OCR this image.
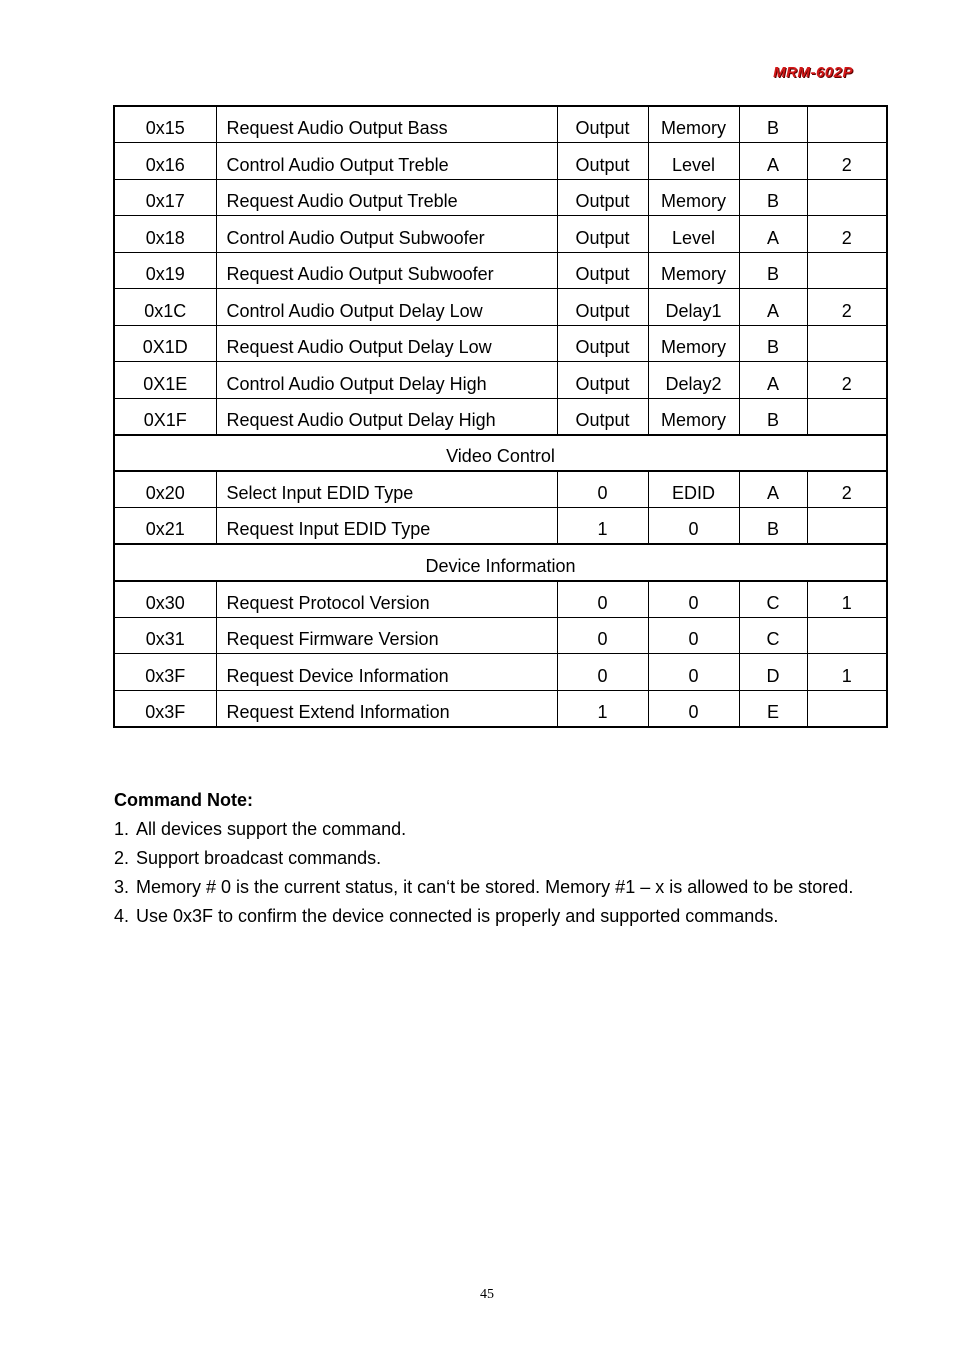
MRM-602P
0x15	Request Audio Output Bass	Output	Memory	B	
0x16	Control Audio Output Treble	Output	Level	A	2
0x17	Request Audio Output Treble	Output	Memory	B	
0x18	Control Audio Output Subwoofer	Output	Level	A	2
0x19	Request Audio Output Subwoofer	Output	Memory	B	
0x1C	Control Audio Output Delay Low	Output	Delay1	A	2
0X1D	Request Audio Output Delay Low	Output	Memory	B	
0X1E	Control Audio Output Delay High	Output	Delay2	A	2
0X1F	Request Audio Output Delay High	Output	Memory	B	
Video Control					
0x20	Select Input EDID Type	0	EDID	A	2
0x21	Request Input EDID Type	1	0	B	
Device Information					
0x30	Request Protocol Version	0	0	C	1
0x31	Request Firmware Version	0	0	C	
0x3F	Request Device Information	0	0	D	1
0x3F	Request Extend Information	1	0	E	
Command Note:
1. All devices support the command.
2. Support broadcast commands.
3. Memory # 0 is the current status, it can‘t be stored. Memory #1 – x is allowed to be stored.
4. Use 0x3F to confirm the device connected is properly and supported commands.
45
